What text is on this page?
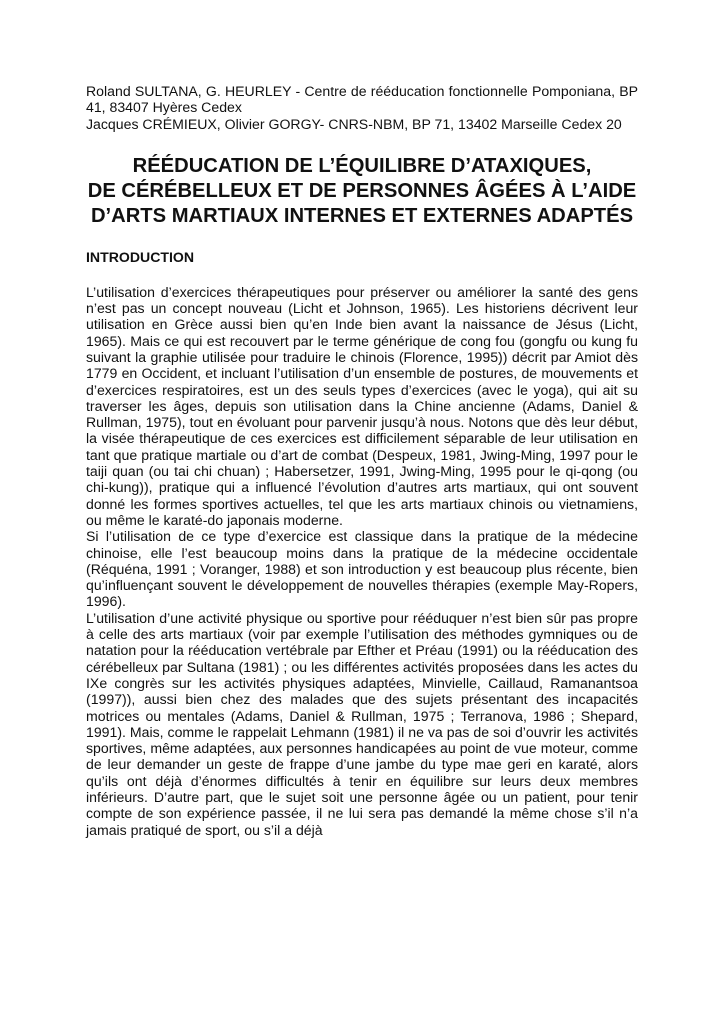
Roland SULTANA, G. HEURLEY - Centre de rééducation fonctionnelle Pomponiana, BP 41, 83407 Hyères Cedex
Jacques CRÉMIEUX, Olivier GORGY- CNRS-NBM, BP 71, 13402 Marseille Cedex 20
RÉÉDUCATION DE L’ÉQUILIBRE D’ATAXIQUES,
DE CÉRÉBELLEUX ET DE PERSONNES ÂGÉES À L’AIDE
D’ARTS MARTIAUX INTERNES ET EXTERNES ADAPTÉS
INTRODUCTION

L’utilisation d’exercices thérapeutiques pour préserver ou améliorer la santé des gens n’est pas un concept nouveau (Licht et Johnson, 1965). Les historiens décrivent leur utilisation en Grèce aussi bien qu’en Inde bien avant la naissance de Jésus (Licht, 1965). Mais ce qui est recouvert par le terme générique de cong fou (gongfu ou kung fu suivant la graphie utilisée pour traduire le chinois (Florence, 1995)) décrit par Amiot dès 1779 en Occident, et incluant l’utilisation d’un ensemble de postures, de mouvements et d’exercices respiratoires, est un des seuls types d’exercices (avec le yoga), qui ait su traverser les âges, depuis son utilisation dans la Chine ancienne (Adams, Daniel & Rullman, 1975), tout en évoluant pour parvenir jusqu’à nous. Notons que dès leur début, la visée thérapeutique de ces exercices est difficilement séparable de leur utilisation en tant que pratique martiale ou d’art de combat (Despeux, 1981, Jwing-Ming, 1997 pour le taiji quan (ou tai chi chuan) ; Habersetzer, 1991, Jwing-Ming, 1995 pour le qi-qong (ou chi-kung)), pratique qui a influencé l’évolution d’autres arts martiaux, qui ont souvent donné les formes sportives actuelles, tel que les arts martiaux chinois ou vietnamiens, ou même le karaté-do japonais moderne.

Si l’utilisation de ce type d’exercice est classique dans la pratique de la médecine chinoise, elle l’est beaucoup moins dans la pratique de la médecine occidentale (Réquéna, 1991 ; Voranger, 1988) et son introduction y est beaucoup plus récente, bien qu’influençant souvent le développement de nouvelles thérapies (exemple May-Ropers, 1996).

L’utilisation d’une activité physique ou sportive pour rééduquer n’est bien sûr pas propre à celle des arts martiaux (voir par exemple l’utilisation des méthodes gymniques ou de natation pour la rééducation vertébrale par Efther et Préau (1991) ou la rééducation des cérébelleux par Sultana (1981) ; ou les différentes activités proposées dans les actes du IXe congrès sur les activités physiques adaptées, Minvielle, Caillaud, Ramanantsoa (1997)), aussi bien chez des malades que des sujets présentant des incapacités motrices ou mentales (Adams, Daniel & Rullman, 1975 ; Terranova, 1986 ; Shepard, 1991). Mais, comme le rappelait Lehmann (1981) il ne va pas de soi d’ouvrir les activités sportives, même adaptées, aux personnes handicapées au point de vue moteur, comme de leur demander un geste de frappe d’une jambe du type mae geri en karaté, alors qu’ils ont déjà d’énormes difficultés à tenir en équilibre sur leurs deux membres inférieurs. D’autre part, que le sujet soit une personne âgée ou un patient, pour tenir compte de son expérience passée, il ne lui sera pas demandé la même chose s’il n’a jamais pratiqué de sport, ou s’il a déjà
